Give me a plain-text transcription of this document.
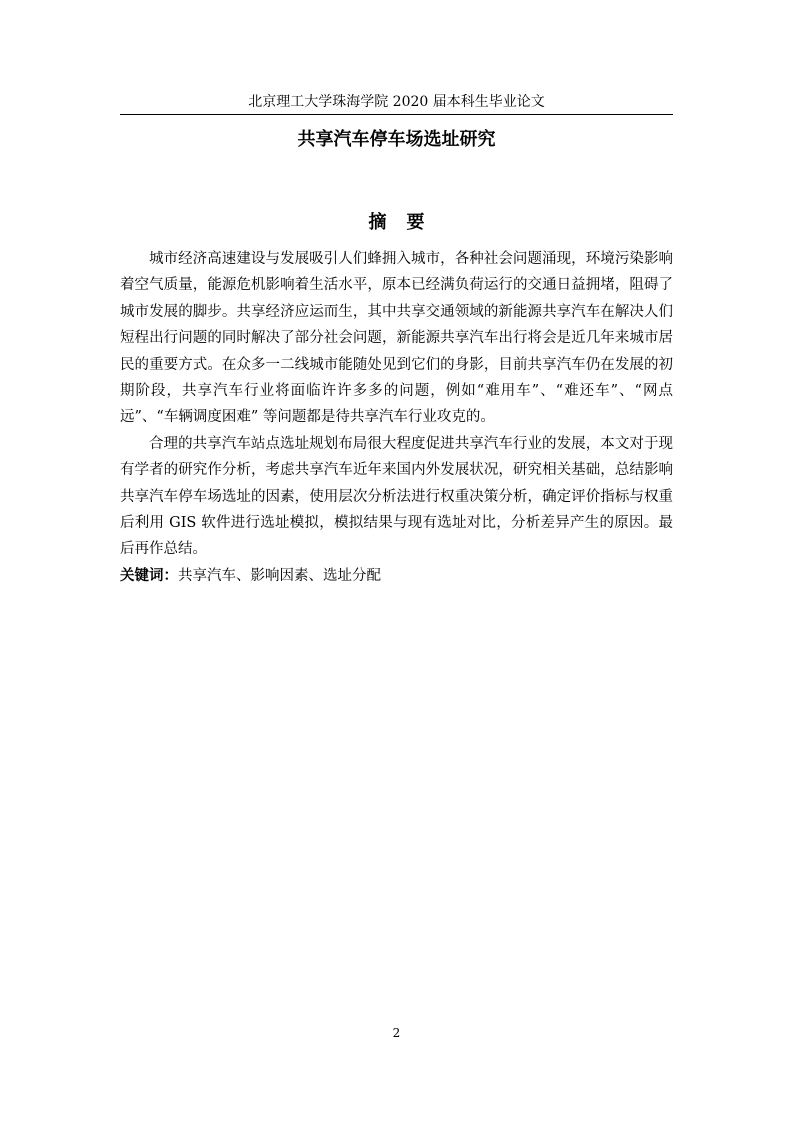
北京理工大学珠海学院 2020 届本科生毕业论文
共享汽车停车场选址研究
摘要

城市经济高速建设与发展吸引人们蜂拥入城市，各种社会问题涌现，环境污染影响着空气质量，能源危机影响着生活水平，原本已经满负荷运行的交通日益拥堵，阻碍了城市发展的脚步。共享经济应运而生，其中共享交通领域的新能源共享汽车在解决人们短程出行问题的同时解决了部分社会问题，新能源共享汽车出行将会是近几年来城市居民的重要方式。在众多一二线城市能随处见到它们的身影，目前共享汽车仍在发展的初期阶段，共享汽车行业将面临许许多多的问题，例如“难用车”、“难还车”、“网点远”、“车辆调度困难” 等问题都是待共享汽车行业攻克的。

合理的共享汽车站点选址规划布局很大程度促进共享汽车行业的发展，本文对于现有学者的研究作分析，考虑共享汽车近年来国内外发展状况，研究相关基础，总结影响共享汽车停车场选址的因素，使用层次分析法进行权重决策分析，确定评价指标与权重后利用 GIS 软件进行选址模拟，模拟结果与现有选址对比，分析差异产生的原因。最后再作总结。

关键词：共享汽车、影响因素、选址分配

2
